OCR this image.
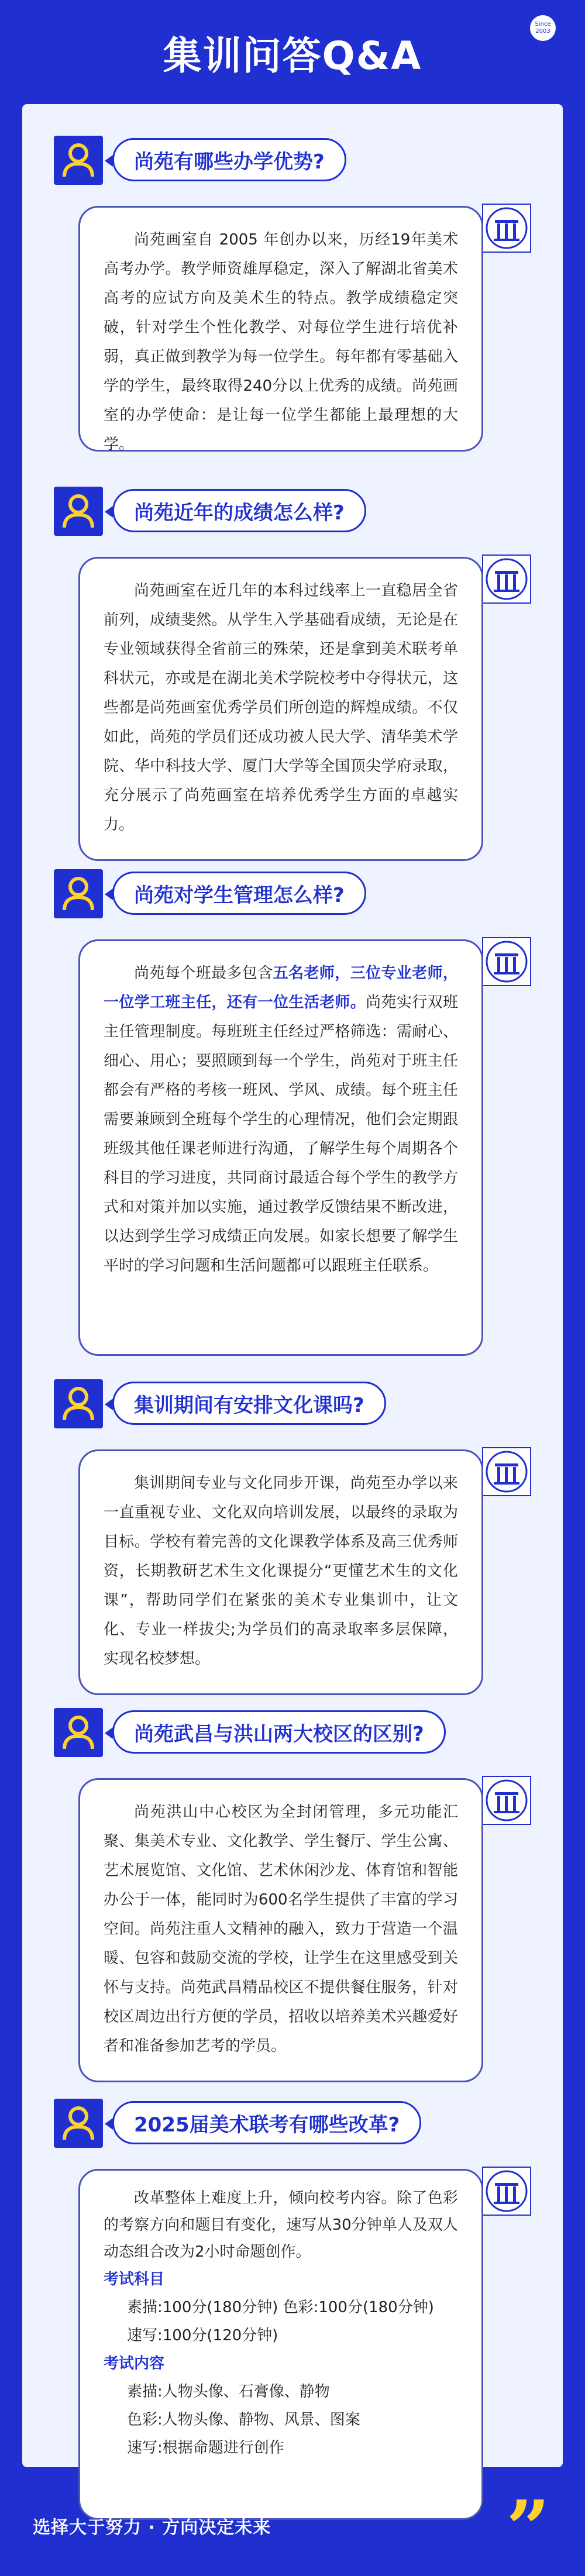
集训问答Q&A
Since 2003
尚苑有哪些办学优势?
尚苑画室自 2005 年创办以来，历经19年美术高考办学。教学师资雄厚稳定，深入了解湖北省美术高考的应试方向及美术生的特点。教学成绩稳定突破，针对学生个性化教学、对每位学生进行培优补弱，真正做到教学为每一位学生。每年都有零基础入学的学生，最终取得240分以上优秀的成绩。尚苑画室的办学使命：是让每一位学生都能上最理想的大学。
尚苑近年的成绩怎么样?
尚苑画室在近几年的本科过线率上一直稳居全省前列，成绩斐然。从学生入学基础看成绩，无论是在专业领域获得全省前三的殊荣，还是拿到美术联考单科状元，亦或是在湖北美术学院校考中夺得状元，这些都是尚苑画室优秀学员们所创造的辉煌成绩。不仅如此，尚苑的学员们还成功被人民大学、清华美术学院、华中科技大学、厦门大学等全国顶尖学府录取，充分展示了尚苑画室在培养优秀学生方面的卓越实力。
尚苑对学生管理怎么样?
尚苑每个班最多包含五名老师，三位专业老师，一位学工班主任，还有一位生活老师。尚苑实行双班主任管理制度。每班班主任经过严格筛选：需耐心、细心、用心；要照顾到每一个学生，尚苑对于班主任都会有严格的考核一班风、学风、成绩。每个班主任需要兼顾到全班每个学生的心理情况，他们会定期跟班级其他任课老师进行沟通，了解学生每个周期各个科目的学习进度，共同商讨最适合每个学生的教学方式和对策并加以实施，通过教学反馈结果不断改进，以达到学生学习成绩正向发展。如家长想要了解学生平时的学习问题和生活问题都可以跟班主任联系。
集训期间有安排文化课吗?
集训期间专业与文化同步开课，尚苑至办学以来一直重视专业、文化双向培训发展，以最终的录取为目标。学校有着完善的文化课教学体系及高三优秀师资，长期教研艺术生文化课提分“更懂艺术生的文化课”，帮助同学们在紧张的美术专业集训中，让文化、专业一样拔尖;为学员们的高录取率多层保障，实现名校梦想。
尚苑武昌与洪山两大校区的区别?
尚苑洪山中心校区为全封闭管理，多元功能汇聚、集美术专业、文化教学、学生餐厅、学生公寓、艺术展览馆、文化馆、艺术休闲沙龙、体育馆和智能办公于一体，能同时为600名学生提供了丰富的学习空间。尚苑注重人文精神的融入，致力于营造一个温暖、包容和鼓励交流的学校，让学生在这里感受到关怀与支持。尚苑武昌精品校区不提供餐住服务，针对校区周边出行方便的学员，招收以培养美术兴趣爱好者和准备参加艺考的学员。
2025届美术联考有哪些改革?
改革整体上难度上升，倾向校考内容。除了色彩的考察方向和题目有变化，速写从30分钟单人及双人动态组合改为2小时命题创作。
考试科目
素描:100分(180分钟) 色彩:100分(180分钟)
速写:100分(120分钟)
考试内容
素描:人物头像、石膏像、静物
色彩:人物头像、静物、风景、图案
速写:根据命题进行创作
选择大于努力 · 方向决定未来	”
